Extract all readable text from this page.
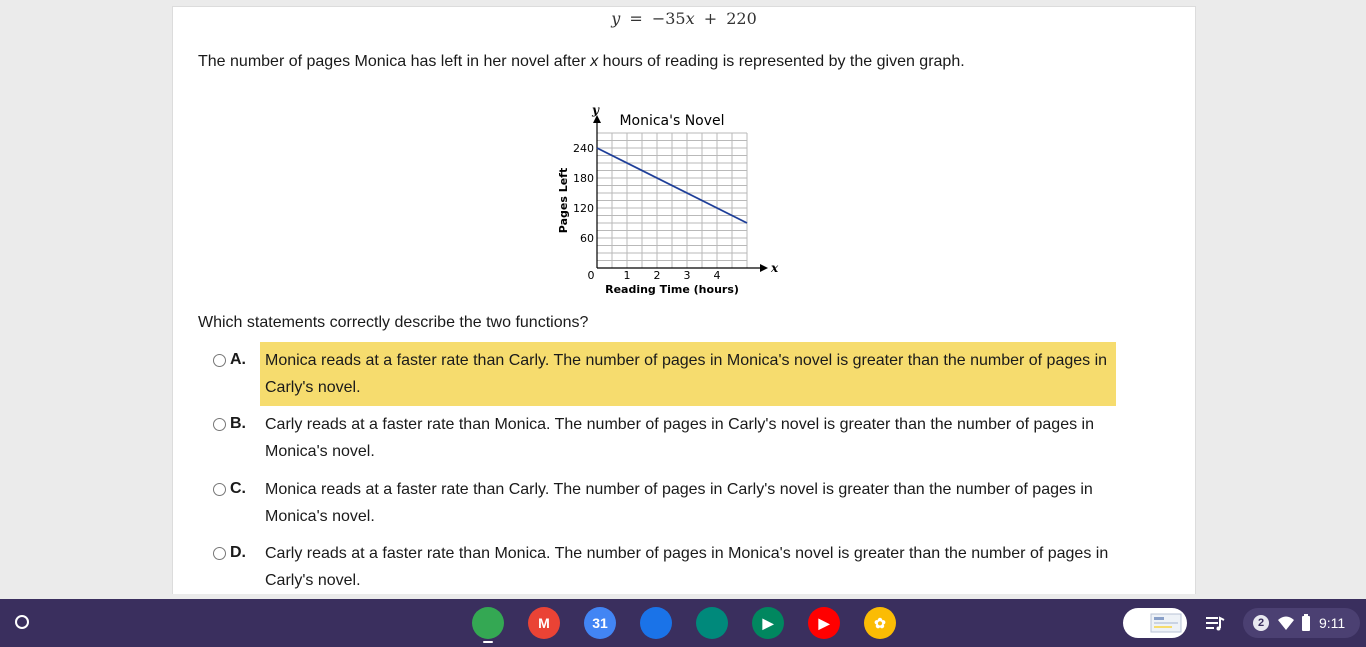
y = −35x + 220
The number of pages Monica has left in her novel after x hours of reading is represented by the given graph.
x
y
Monica's Novel
0	1 2 3 4
60
120
180
240
Reading Time (hours)
Pages Left
Which statements correctly describe the two functions?
A.	Monica reads at a faster rate than Carly. The number of pages in Monica's novel is greater than the number of pages in Carly's novel.
B.	Carly reads at a faster rate than Monica. The number of pages in Carly's novel is greater than the number of pages in Monica's novel.
C.	Monica reads at a faster rate than Carly. The number of pages in Carly's novel is greater than the number of pages in Monica's novel.
D.	Carly reads at a faster rate than Monica. The number of pages in Monica's novel is greater than the number of pages in Carly's novel.
M	31	▶	▶	✿	2	9:11
